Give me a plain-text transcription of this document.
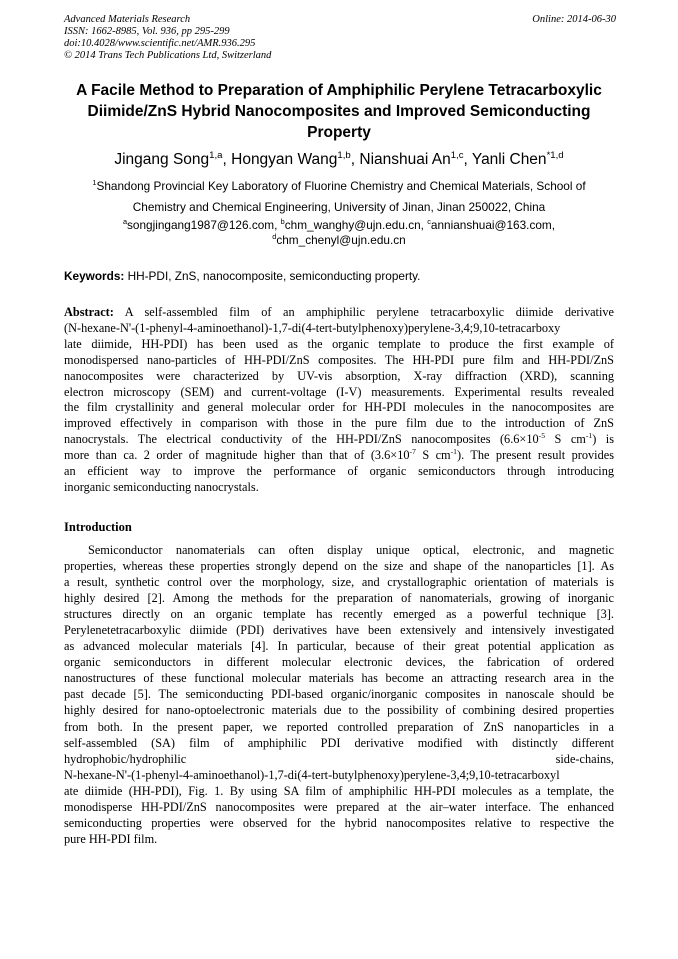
Advanced Materials Research
ISSN: 1662-8985, Vol. 936, pp 295-299
doi:10.4028/www.scientific.net/AMR.936.295
© 2014 Trans Tech Publications Ltd, Switzerland
Online: 2014-06-30
A Facile Method to Preparation of Amphiphilic Perylene Tetracarboxylic
Diimide/ZnS Hybrid Nanocomposites and Improved Semiconducting
Property
Jingang Song$^{1,a}$, Hongyan Wang$^{1,b}$, Nianshuai An$^{1,c}$, Yanli Chen$^{*1,d}$
$^1$Shandong Provincial Key Laboratory of Fluorine Chemistry and Chemical Materials, School of
Chemistry and Chemical Engineering, University of Jinan, Jinan 250022, China
$^a$songjingang1987@126.com, $^b$chm_wanghy@ujn.edu.cn, $^c$annianshuai@163.com,
$^d$chm_chenyl@ujn.edu.cn
Keywords: HH-PDI, ZnS, nanocomposite, semiconducting property.
Abstract: A self-assembled film of an amphiphilic perylene tetracarboxylic diimide derivative
(N-hexane-N'-(1-phenyl-4-aminoethanol)-1,7-di(4-tert-butylphenoxy)perylene-3,4;9,10-tetracarboxy
late diimide, HH-PDI) has been used as the organic template to produce the first example of
monodispersed nano-particles of HH-PDI/ZnS composites. The HH-PDI pure film and HH-PDI/ZnS
nanocomposites were characterized by UV-vis absorption, X-ray diffraction (XRD), scanning
electron microscopy (SEM) and current-voltage (I-V) measurements. Experimental results revealed
the film crystallinity and general molecular order for HH-PDI molecules in the nanocomposites are
improved effectively in comparison with those in the pure film due to the introduction of ZnS
nanocrystals. The electrical conductivity of the HH-PDI/ZnS nanocomposites ($6.6\times 10^{-5}$ S $cm^{-1}$) is
more than ca. 2 order of magnitude higher than that of ($3.6\times 10^{-7}$ S $cm^{-1}$). The present result provides
an efficient way to improve the performance of organic semiconductors through introducing
inorganic semiconducting nanocrystals.
Introduction
Semiconductor nanomaterials can often display unique optical, electronic, and magnetic
properties, whereas these properties strongly depend on the size and shape of the nanoparticles [1]. As
a result, synthetic control over the morphology, size, and crystallographic orientation of materials is
highly desired [2]. Among the methods for the preparation of nanomaterials, growing of inorganic
structures directly on an organic template has recently emerged as a powerful technique [3].
Perylenetetracarboxylic diimide (PDI) derivatives have been extensively and intensively investigated
as advanced molecular materials [4]. In particular, because of their great potential application as
organic semiconductors in different molecular electronic devices, the fabrication of ordered
nanostructures of these functional molecular materials has become an attracting research area in the
past decade [5]. The semiconducting PDI-based organic/inorganic composites in nanoscale should be
highly desired for nano-optoelectronic materials due to the possibility of combining desired properties
from both. In the present paper, we reported controlled preparation of ZnS nanoparticles in a
self-assembled (SA) film of amphiphilic PDI derivative modified with distinctly different
hydrophobic/hydrophilic side-chains,
N-hexane-N'-(1-phenyl-4-aminoethanol)-1,7-di(4-tert-butylphenoxy)perylene-3,4;9,10-tetracarboxyl
ate diimide (HH-PDI), Fig. 1. By using SA film of amphiphilic HH-PDI molecules as a template, the
monodisperse HH-PDI/ZnS nanocomposites were prepared at the air–water interface. The enhanced
semiconducting properties were observed for the hybrid nanocomposites relative to respective the
pure HH-PDI film.
